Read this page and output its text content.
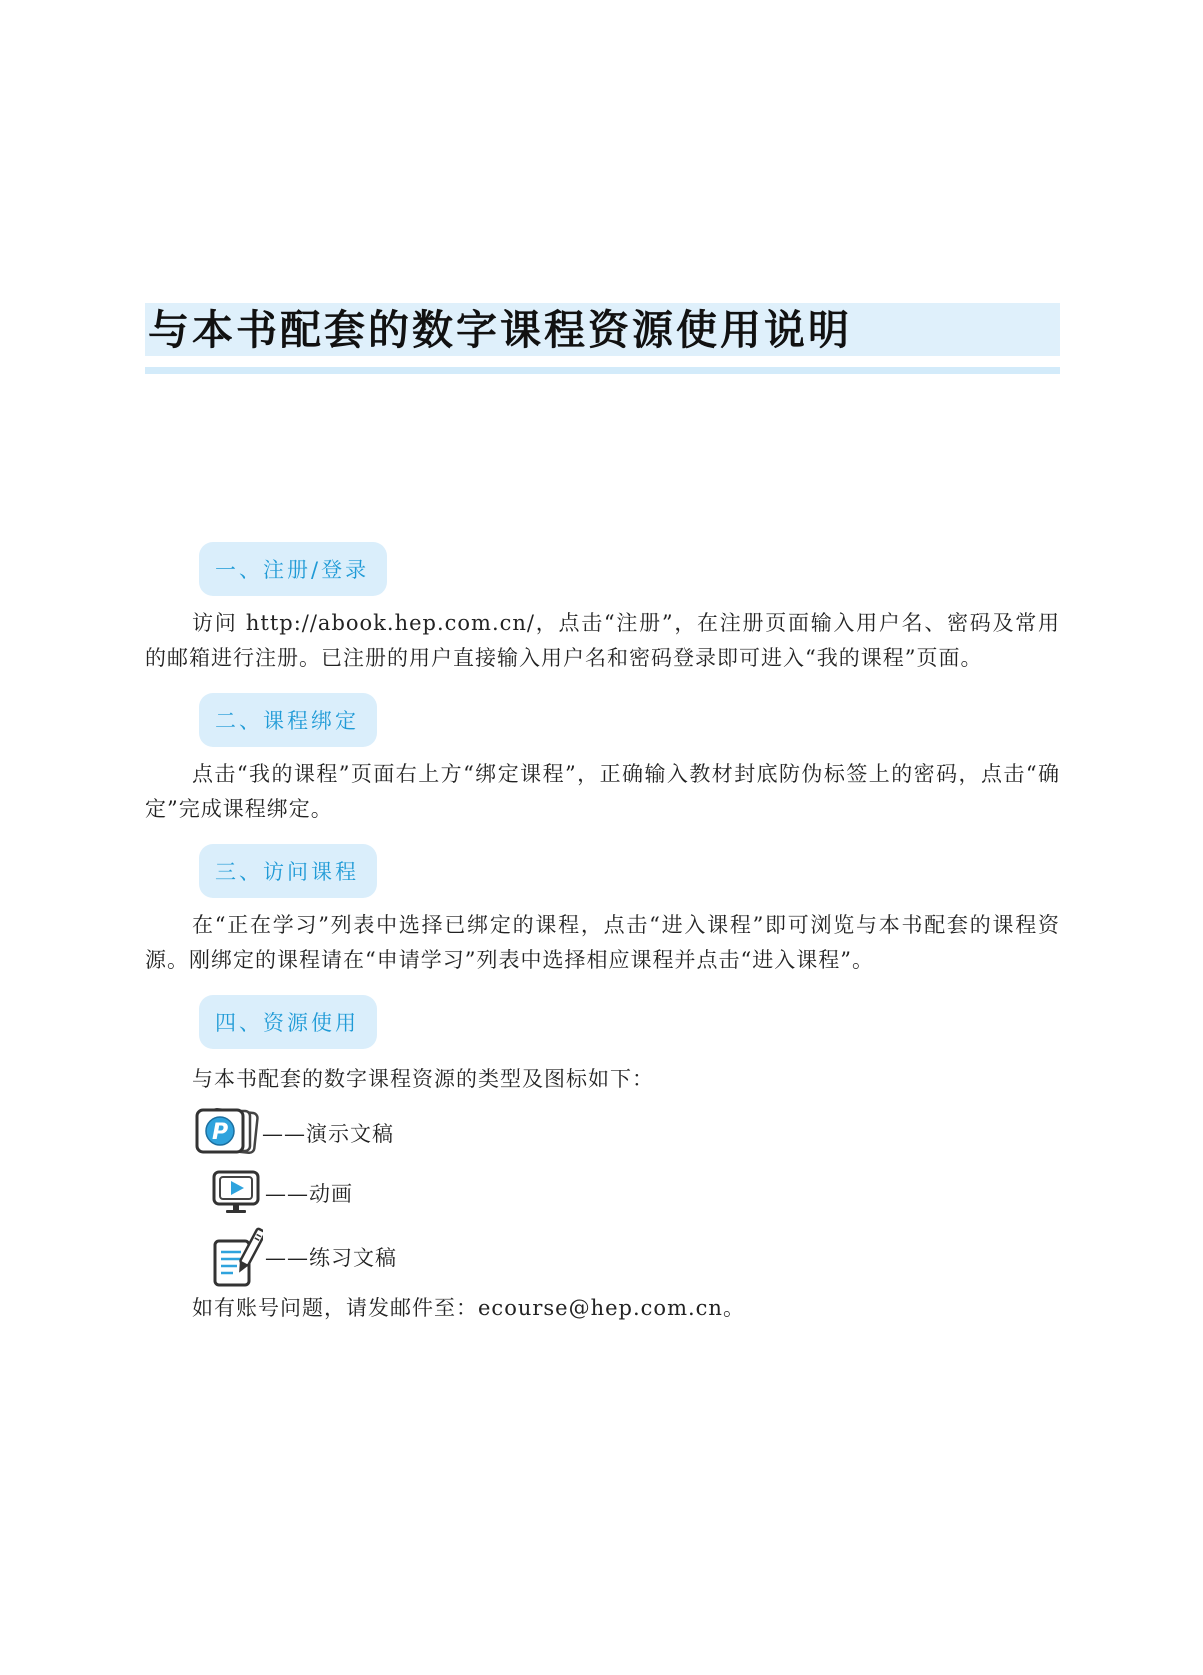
与本书配套的数字课程资源使用说明
一、注册/登录
访问 http://abook.hep.com.cn/，点击“注册”，在注册页面输入用户名、密码及常用的邮箱进行注册。已注册的用户直接输入用户名和密码登录即可进入“我的课程”页面。
二、课程绑定
点击“我的课程”页面右上方“绑定课程”，正确输入教材封底防伪标签上的密码，点击“确定”完成课程绑定。
三、访问课程
在“正在学习”列表中选择已绑定的课程，点击“进入课程”即可浏览与本书配套的课程资源。刚绑定的课程请在“申请学习”列表中选择相应课程并点击“进入课程”。
四、资源使用
与本书配套的数字课程资源的类型及图标如下：
P ——演示文稿
——动画
——练习文稿
如有账号问题，请发邮件至：ecourse@hep.com.cn。
